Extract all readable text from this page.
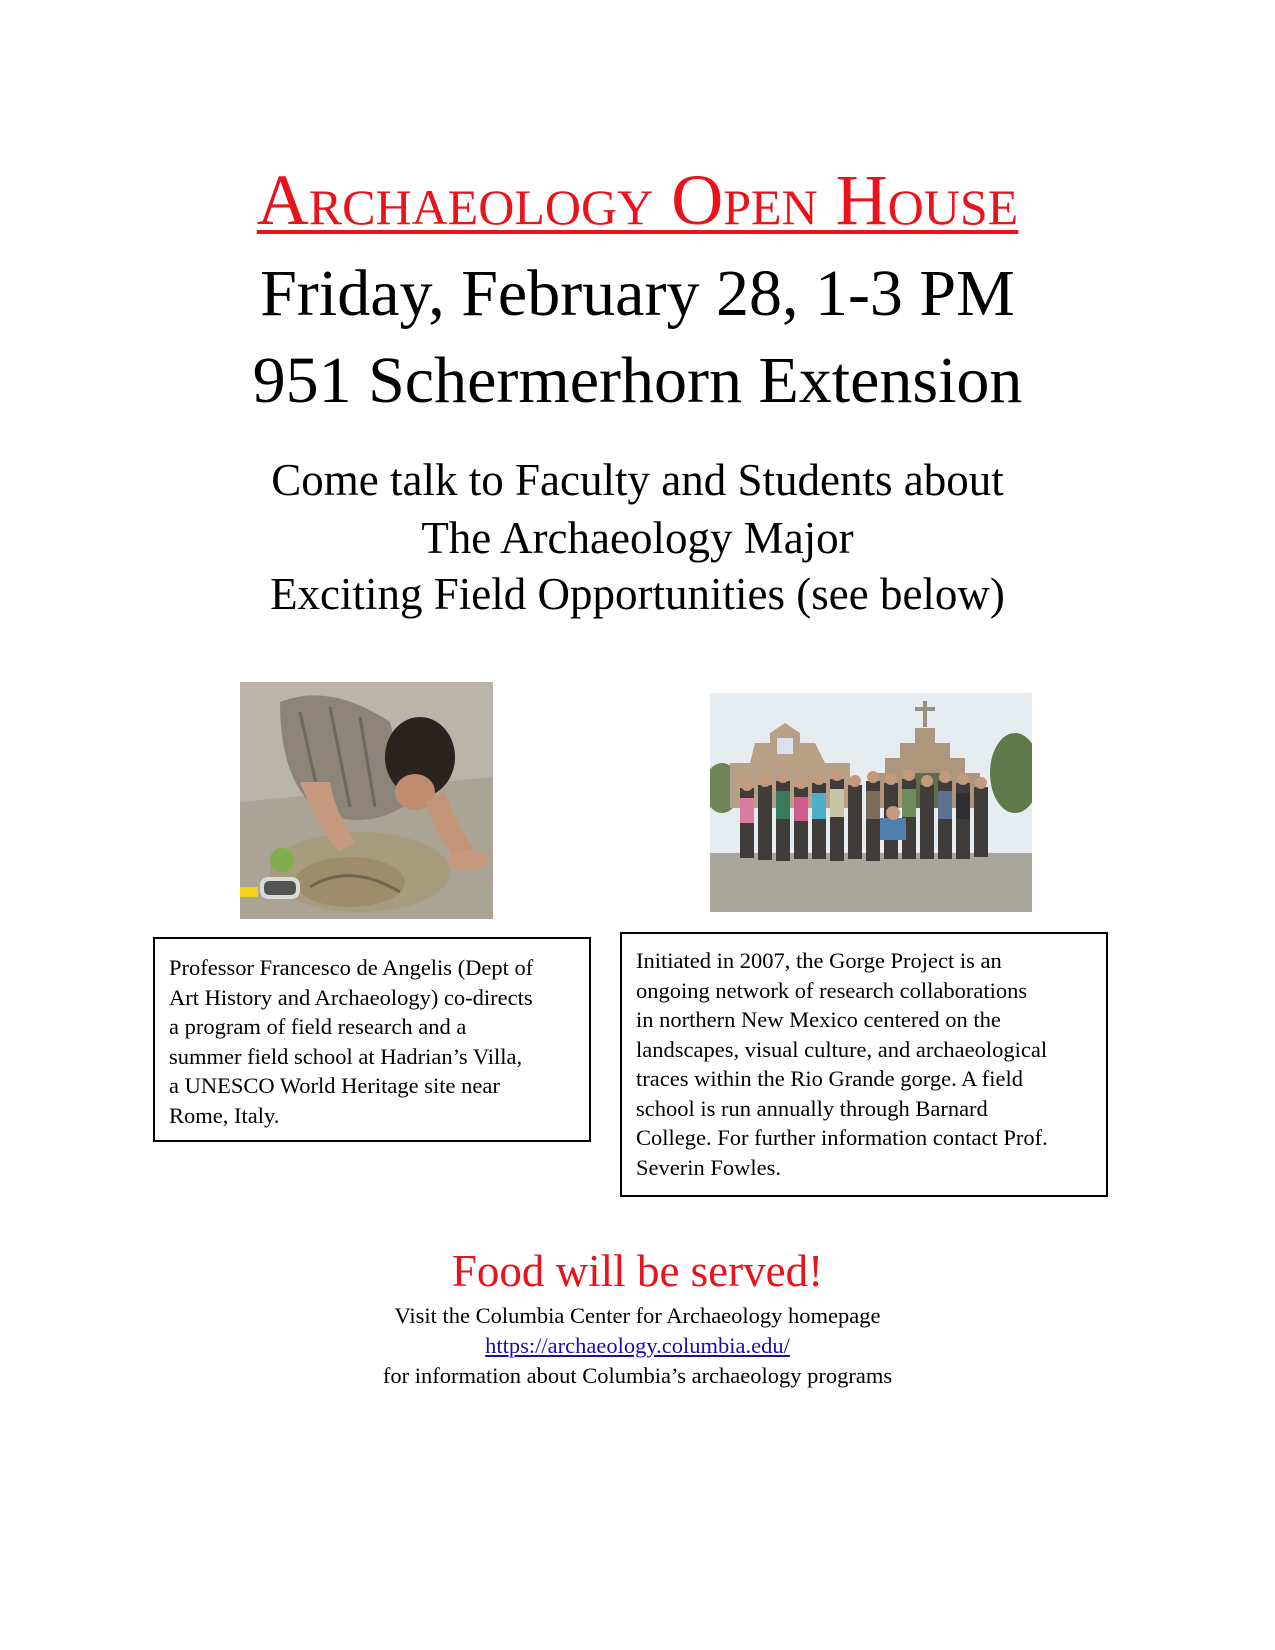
Archaeology Open House
Friday, February 28, 1-3 PM
951 Schermerhorn Extension
Come talk to Faculty and Students about
The Archaeology Major
Exciting Field Opportunities (see below)
Professor Francesco de Angelis (Dept of
Art History and Archaeology) co-directs
a program of field research and a
summer field school at Hadrian’s Villa,
a UNESCO World Heritage site near
Rome, Italy.
Initiated in 2007, the Gorge Project is an
ongoing network of research collaborations
in northern New Mexico centered on the
landscapes, visual culture, and archaeological
traces within the Rio Grande gorge. A field
school is run annually through Barnard
College. For further information contact Prof.
Severin Fowles.
Food will be served!
Visit the Columbia Center for Archaeology homepage
https://archaeology.columbia.edu/
for information about Columbia’s archaeology programs
